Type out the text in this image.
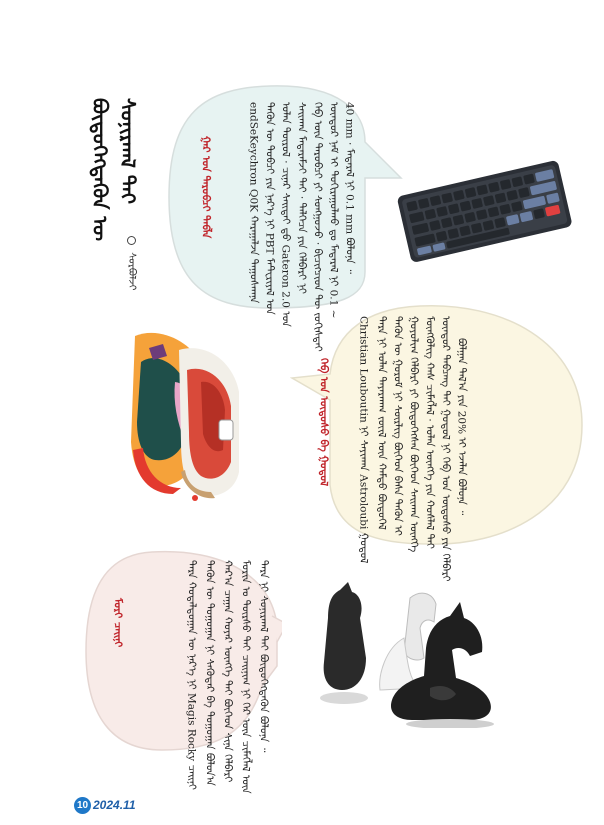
ᠰᠣᠨᠢᠷᠬᠠᠯ ᠲᠠᠢ
ᠪᠦᠲᠦᠭᠡᠭᠳᠡᠬᠦᠨ ᠦ
ᠰᠤᠷᠪᠤᠯᠵᠢ	40 mm · ᠮᠡᠳᠡᠷᠡᠯ ᠨᠢ 0.1 mm ᠪᠣᠯᠤᠨᠠ ᠃
ᠦᠨᠳᠦᠷ ᠨᠠᠮ ᠢ ᠲᠣᠬᠢᠷᠠᠭᠤᠯᠬᠤ ᠳᠤ ᠮᠡᠳᠡᠷᠡᠯ ᠨᠢ 0.1 ~
ᠬᠡᠪ ᠦᠨ ᠳᠠᠷᠤᠪᠴᠢ ᠶᠢ ᠰᠣᠩᠭᠣᠵᠤ · ᠪᠢᠴᠢᠭᠴᠢᠳ ᠲᠦ ᠵᠣᠬᠢᠰᠲᠠᠢ
ᠰᠠᠢᠬᠠᠨ ᠮᠡᠳᠡᠷᠡᠮᠵᠢ ᠲᠡᠢ · ᠳᠡᠯᠭᠡᠴᠡ ᠶᠢᠨ ᠬᠡᠯᠪᠡᠷᠢ ᠨᠢ
ᠣᠯᠠᠨ ᠲᠦᠷᠦᠯ · ᠴᠢᠨᠠᠷ ᠰᠠᠢᠲᠠᠢ ᠳ᠋ᠤ Gateron 2.0 ᠤᠨ
ᠲᠡᠭᠦᠨ ᠦ ᠲᠣᠪᠴᠢ ᠶᠢᠨ ᠨᠡᠷ᠎ᠡ ᠨᠢ PBT ᠮᠠᠲ᠋ᠧᠷᠢᠶᠠᠯ ᠤᠨ
endSeKeychron Q0K ᠬᠠᠷᠠᠭᠠᠯᠵᠠ ᠳᠠᠭᠤᠰᠬᠠᠨᠠ
ᠭᠠᠷ ᠤᠨ ᠳᠠᠷᠤᠪᠴᠢ ᠲᠠᠪᠯᠠ
ᠪᠣᠯᠭᠠᠨ ᠲᠠᠯ᠎ᠠ ᠶᠢᠨ 20% ᠢ ᠡᠵᠡᠯᠡᠨ ᠪᠣᠯᠤᠨᠠ ᠃
ᠦᠨᠳᠦᠷ ᠲᠠᠪᠴᠠᠩ ᠲᠠᠢ ᠭᠣᠲᠤᠯ ᠨᠢ ᠬᠡᠪ ᠤᠨ ᠦᠳᠦᠰᠦ ᠶᠢᠨ ᠬᠡᠯᠪᠡᠷᠢ
ᠮᠥᠩᠭᠥᠯᠢᠭ ᠬᠠᠰ ᠴᠢᠮᠡᠭᠯᠡᠯ · ᠣᠯᠠᠨ ᠥᠩᠭᠡ ᠶᠢᠨ ᠬᠣᠰᠯᠠᠯ ᠲᠡᠢ
ᠭᠣᠶᠤᠯᠢᠭ ᠬᠡᠯᠪᠡᠷᠢ ᠶᠢ ᠪᠦᠲᠦᠭᠡᠭᠰᠡᠨ ᠪᠥᠭᠡᠳ ᠰᠠᠢᠬᠠᠨ ᠥᠩᠭᠡ
ᠲᠡᠭᠦᠨ ᠦ ᠭᠣᠷᠤᠮ ᠨᠢ ᠰᠦᠷᠯᠢᠭ ᠪᠥᠭᠡᠳ ᠪᠠᠰᠠ ᠲᠡᠭᠦᠨ ᠢ
ᠲᠡᠷᠡ ᠨᠢ ᠣᠯᠠᠨ ᠳᠠᠶᠠᠷᠬᠠᠭ ᠵᠦᠢᠯ ᠦᠨ ᠬᠠᠮᠲᠤ ᠪᠦᠲᠦᠭᠡᠯ
Christian Louboutin ᠨᠢ ᠰᠠᠶᠢᠬᠠᠨ Astroloubi ᠭᠣᠲᠤᠯ
ᠬᠡᠪ ᠤᠨ ᠦᠳᠦᠰᠦ ᠪᠠ ᠭᠣᠲᠤᠯ
ᠲᠡᠷᠡ ᠨᠢ ᠰᠣᠨᠢᠷᠬᠠᠯ ᠲᠠᠢ ᠪᠦᠲᠦᠭᠡᠭᠳᠡᠬᠦᠨ ᠪᠣᠯᠤᠨᠠ ᠃
ᠮᠣᠷᠢᠨ ᠤ ᠳᠦᠷᠰᠦ ᠲᠡᠢ ᠴᠠᠢᠨᠢᠭ ᠨᠢ ᠭᠡᠷ ᠦᠨ ᠴᠢᠮᠡᠭᠯᠡᠯ ᠦᠨ
ᠬᠠᠷ᠎ᠠ ᠴᠠᠭᠠᠨ ᠬᠣᠶᠠᠷ ᠥᠩᠭᠡ ᠲᠡᠢ ᠪᠥᠭᠡᠳ ᠰᠢᠨᠡ ᠬᠡᠯᠪᠡᠷᠢ
ᠲᠡᠭᠦᠨ ᠦ ᠲᠣᠭᠣᠭᠠᠨ ᠨᠢ ᠰᠡᠭᠦᠳᠡᠷ ᠪᠠ ᠲᠣᠭᠣᠭᠠᠨ ᠪᠣᠯᠤᠨ᠎ᠠ
ᠲᠡᠷᠡ ᠬᠤᠳᠠᠯᠳᠤᠭᠠᠨ ᠦ ᠨᠡᠷ᠎ᠡ ᠨᠢ Magis Rocky ᠴᠠᠢᠨᠢ
ᠮᠣᠷᠢ ᠴᠠᠢᠨᠢ
10 2024.11
